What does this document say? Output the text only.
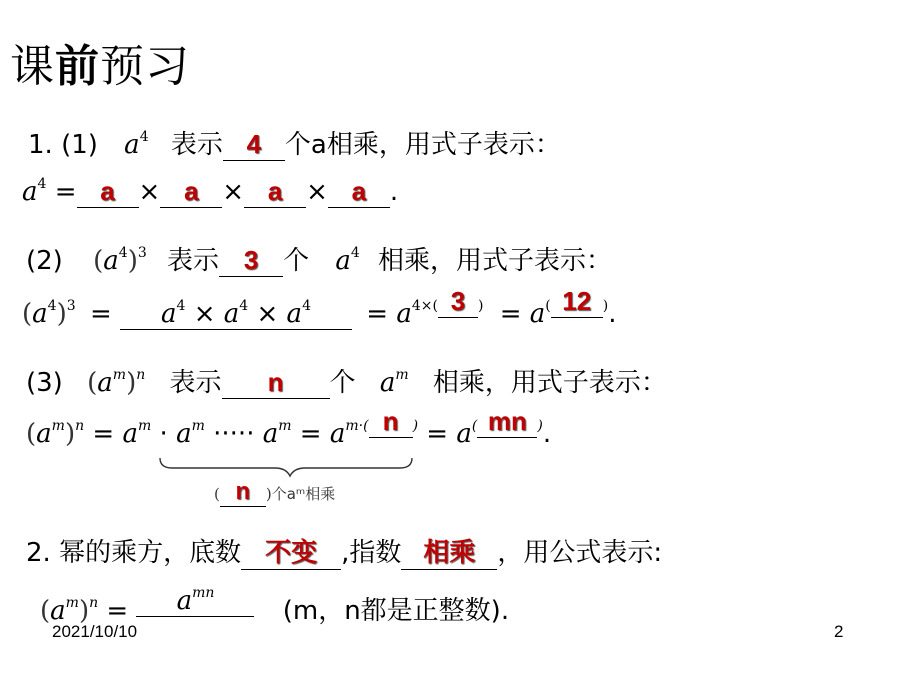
课前预习
1. (1) $a^4$ 表示 4 个a相乘，用式子表示：
$a^4 = a \times a \times a \times a$ .
(2) $(a^4)^3$ 表示 3 个 $a^4$ 相乘，用式子表示：
$(a^4)^3 = a^4 \times a^4 \times a^4 = a^{4\times( 3 )} = a^{( 12 )}$.
(3) $(a^m)^n$ 表示 n 个 $a^m$ 相乘，用式子表示：
$(a^m)^n = a^m \cdot a^m$ ····· $a^m = a^{m\cdot( n )} = a^{( mn )}$.
( n )个aᵐ相乘
2. 幂的乘方，底数 不变 ,指数 相乘 ，用公式表示:
$(a^m)^n = a^{mn}$ (m，n都是正整数).
2021/10/10	2
